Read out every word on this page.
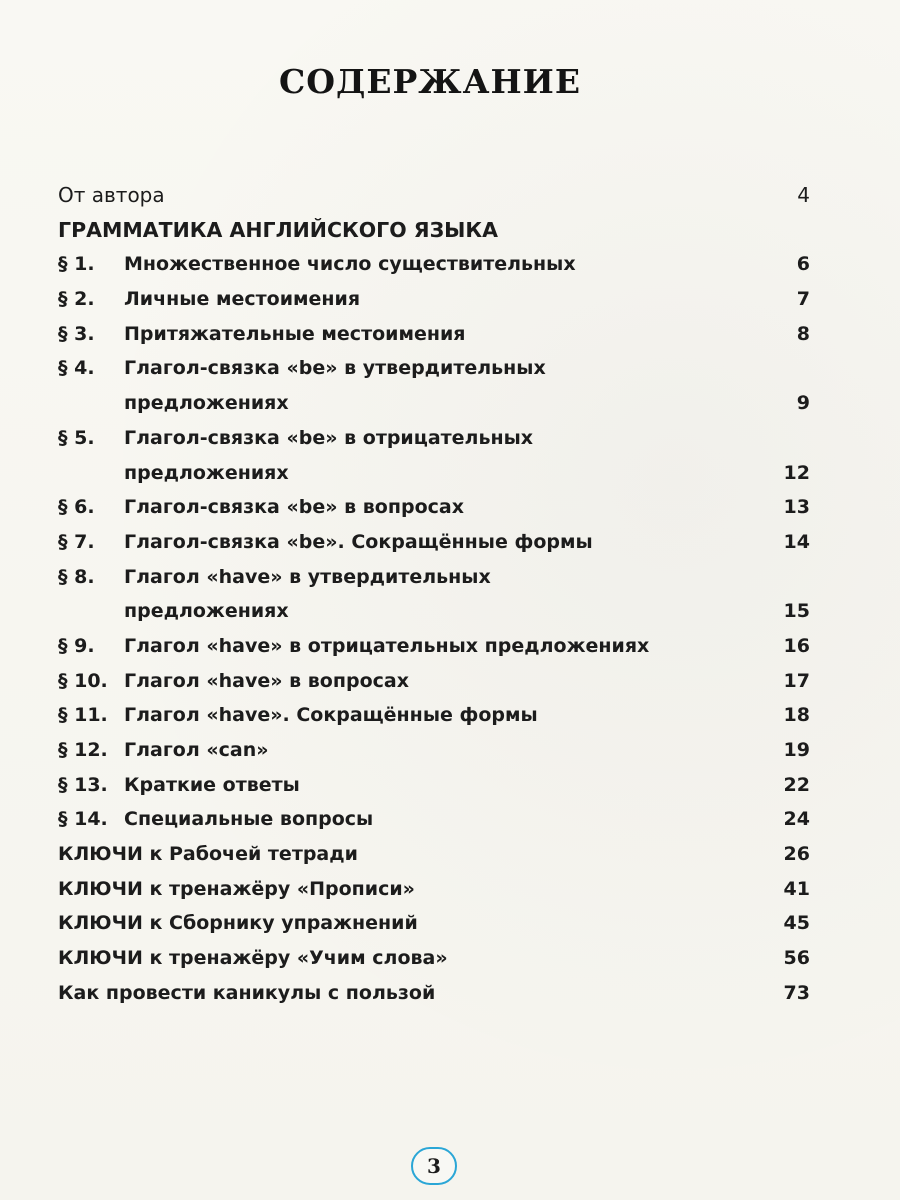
СОДЕРЖАНИЕ
От автора .....	4
ГРАММАТИКА АНГЛИЙСКОГО ЯЗЫКА
§ 1.	Множественное число существительных .....	6
§ 2.	Личные местоимения .....	7
§ 3.	Притяжательные местоимения .....	8
§ 4.	Глагол-связка «be» в утвердительных
предложениях .....	9
§ 5.	Глагол-связка «be» в отрицательных
предложениях .....	12
§ 6.	Глагол-связка «be» в вопросах .....	13
§ 7.	Глагол-связка «be». Сокращённые формы .....	14
§ 8.	Глагол «have» в утвердительных
предложениях .....	15
§ 9.	Глагол «have» в отрицательных предложениях .....	16
§ 10. Глагол «have» в вопросах .....	17
§ 11. Глагол «have». Сокращённые формы .....	18
§ 12. Глагол «can» .....	19
§ 13. Краткие ответы .....	22
§ 14. Специальные вопросы .....	24
КЛЮЧИ к Рабочей тетради .....	26
КЛЮЧИ к тренажёру «Прописи» .....	41
КЛЮЧИ к Сборнику упражнений .....	45
КЛЮЧИ к тренажёру «Учим слова» .....	56
Как провести каникулы с пользой .....	73
3
